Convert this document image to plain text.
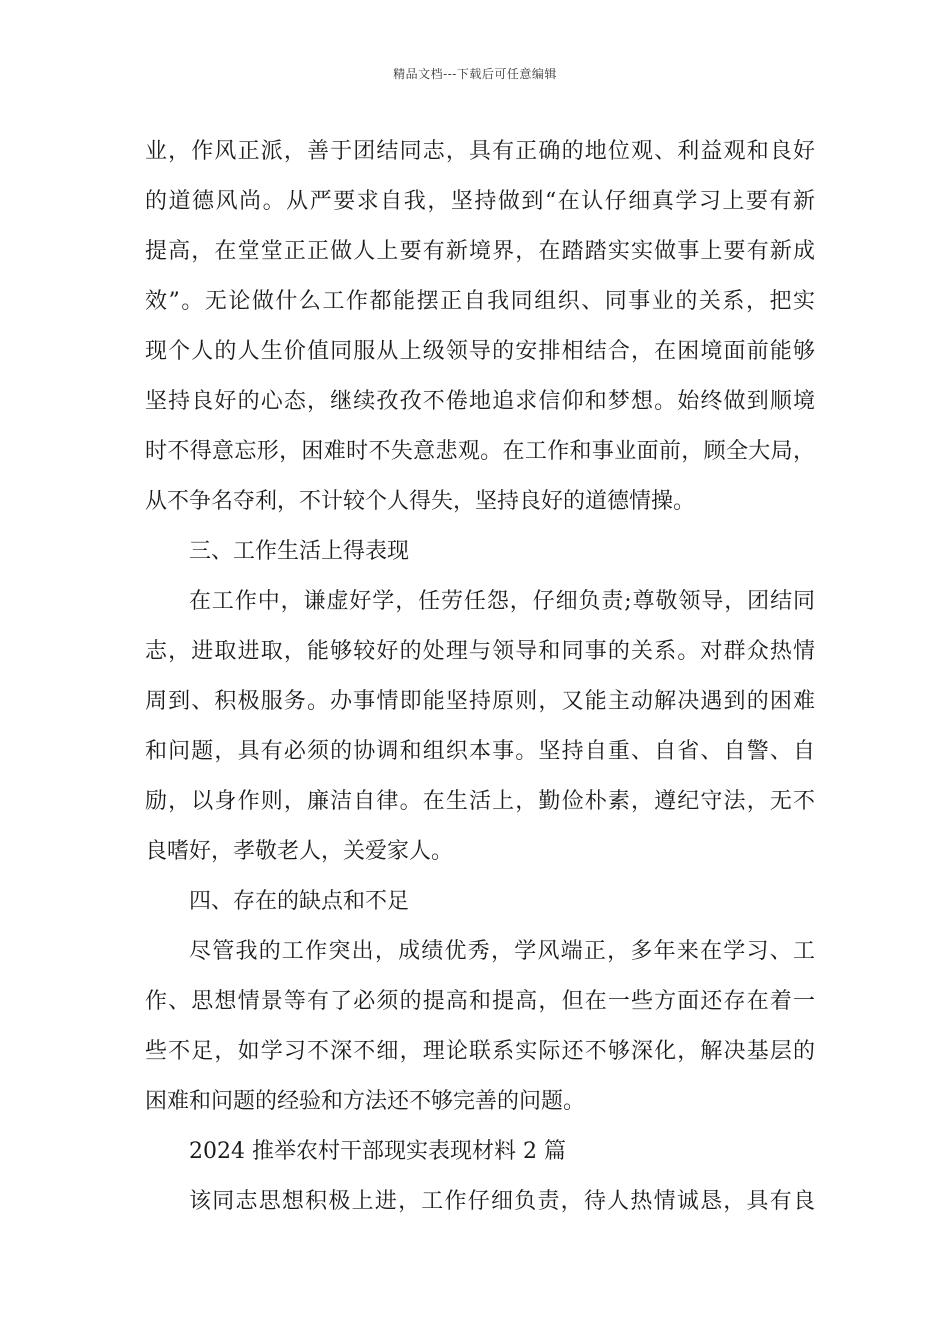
精品文档---下载后可任意编辑
业，作风正派，善于团结同志，具有正确的地位观、利益观和良好
的道德风尚。从严要求自我，坚持做到“在认仔细真学习上要有新
提高，在堂堂正正做人上要有新境界，在踏踏实实做事上要有新成
效”。无论做什么工作都能摆正自我同组织、同事业的关系，把实
现个人的人生价值同服从上级领导的安排相结合，在困境面前能够
坚持良好的心态，继续孜孜不倦地追求信仰和梦想。始终做到顺境
时不得意忘形，困难时不失意悲观。在工作和事业面前，顾全大局，
从不争名夺利，不计较个人得失，坚持良好的道德情操。
三、工作生活上得表现
在工作中，谦虚好学，任劳任怨，仔细负责;尊敬领导，团结同
志，进取进取，能够较好的处理与领导和同事的关系。对群众热情
周到、积极服务。办事情即能坚持原则，又能主动解决遇到的困难
和问题，具有必须的协调和组织本事。坚持自重、自省、自警、自
励，以身作则，廉洁自律。在生活上，勤俭朴素，遵纪守法，无不
良嗜好，孝敬老人，关爱家人。
四、存在的缺点和不足
尽管我的工作突出，成绩优秀，学风端正，多年来在学习、工
作、思想情景等有了必须的提高和提高，但在一些方面还存在着一
些不足，如学习不深不细，理论联系实际还不够深化，解决基层的
困难和问题的经验和方法还不够完善的问题。
2024 推举农村干部现实表现材料 2 篇
该同志思想积极上进，工作仔细负责，待人热情诚恳，具有良
